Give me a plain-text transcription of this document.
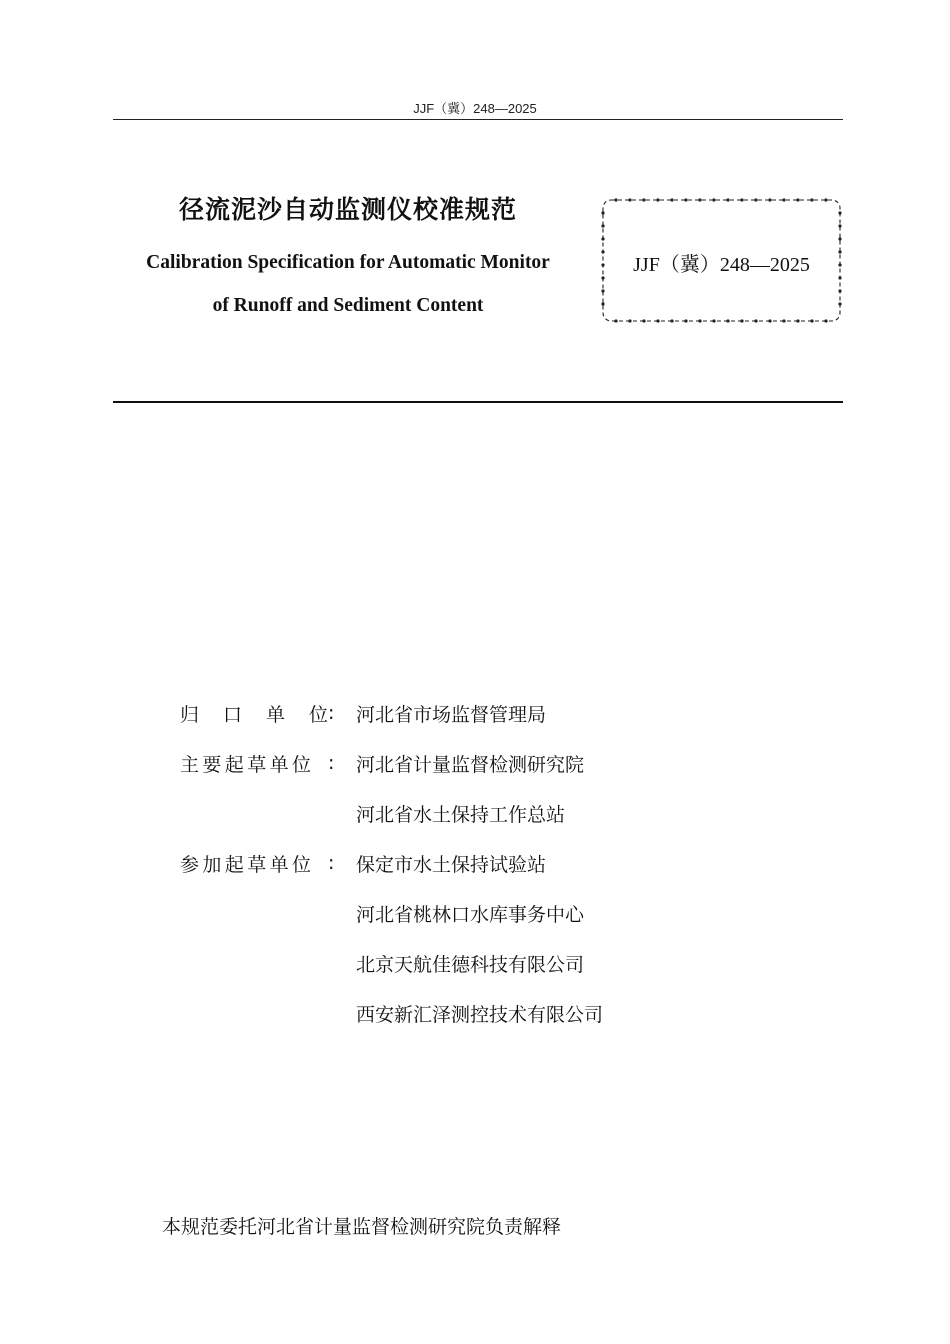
JJF（冀）248—2025
径流泥沙自动监测仪校准规范
Calibration Specification for Automatic Monitor
of Runoff and Sediment Content
JJF（冀）248—2025
归 口 单 位 :	河北省市场监督管理局
主要起草单位 :	河北省计量监督检测研究院
河北省水土保持工作总站
参加起草单位 :	保定市水土保持试验站
河北省桃林口水库事务中心
北京天航佳德科技有限公司
西安新汇泽测控技术有限公司
本规范委托河北省计量监督检测研究院负责解释
